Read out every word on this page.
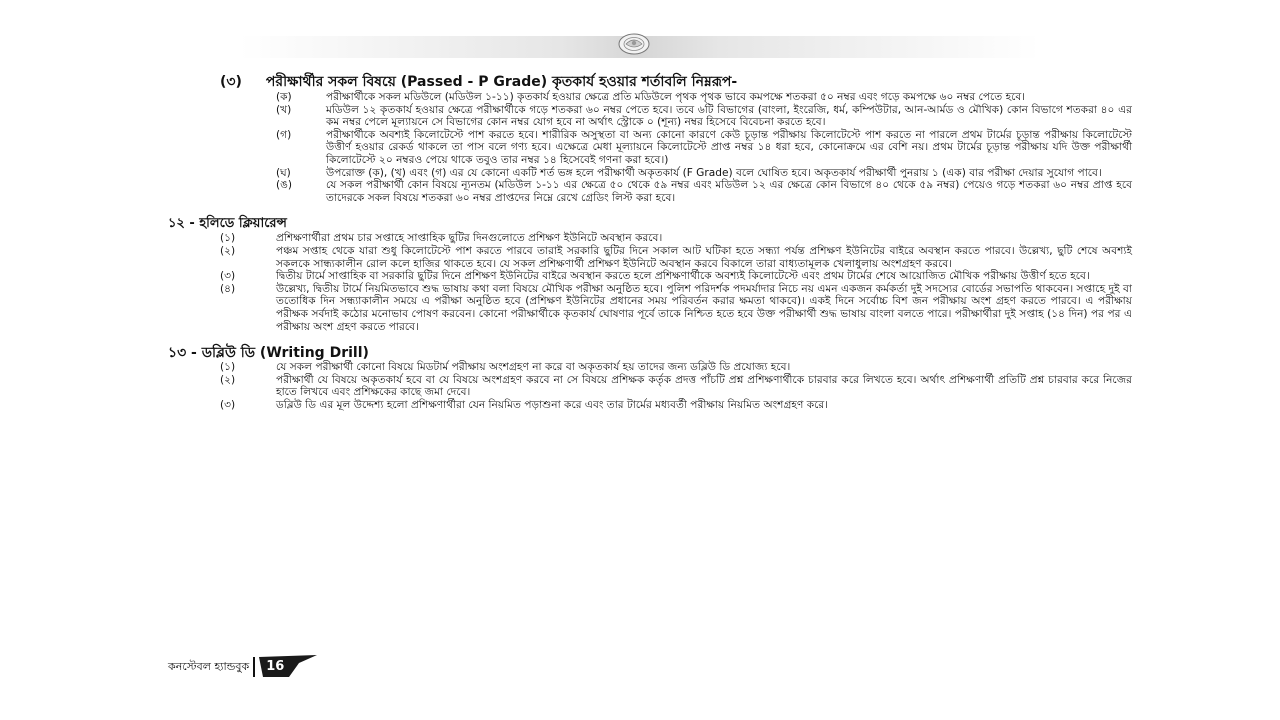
(৩) পরীক্ষার্থীর সকল বিষয়ে (Passed - P Grade) কৃতকার্য হওয়ার শর্তাবলি নিম্নরূপ-
(ক)	পরীক্ষার্থীকে সকল মডিউলে (মডিউল ১-১১) কৃতকার্য হওয়ার ক্ষেত্রে প্রতি মডিউলে পৃথক পৃথক ভাবে কমপক্ষে শতকরা ৫০ নম্বর এবং গড়ে কমপক্ষে ৬০ নম্বর পেতে হবে।
(খ)	মডিউল ১২ কৃতকার্য হওয়ার ক্ষেত্রে পরীক্ষার্থীকে গড়ে শতকরা ৬০ নম্বর পেতে হবে। তবে ৬টি বিভাগের (বাংলা, ইংরেজি, ধর্ম, কম্পিউটার, আন-আর্মড ও মৌখিক) কোন বিভাগে শতকরা ৪০ এর কম নম্বর পেলে মূল্যায়নে সে বিভাগের কোন নম্বর যোগ হবে না অর্থাৎ স্ট্রোকে ০ (শূন্য) নম্বর হিসেবে বিবেচনা করতে হবে।
(গ)	পরীক্ষার্থীকে অবশ্যই কিলোটেস্টে পাশ করতে হবে। শারীরিক অসুস্থতা বা অন্য কোনো কারণে কেউ চূড়ান্ত পরীক্ষায় কিলোটেস্টে পাশ করতে না পারলে প্রথম টার্মের চূড়ান্ত পরীক্ষায় কিলোটেস্টে উত্তীর্ণ হওয়ার রেকর্ড থাকলে তা পাস বলে গণ্য হবে। এক্ষেত্রে মেধা মূল্যায়নে কিলোটেস্টে প্রাপ্ত নম্বর ১৪ ধরা হবে, কোনোক্রমে এর বেশি নয়। প্রথম টার্মের চূড়ান্ত পরীক্ষায় যদি উক্ত পরীক্ষার্থী কিলোটেস্টে ২০ নম্বরও পেয়ে থাকে তবুও তার নম্বর ১৪ হিসেবেই গণনা করা হবে।)
(ঘ)	উপরোক্ত (ক), (খ) এবং (গ) এর যে কোনো একটি শর্ত ভঙ্গ হলে পরীক্ষার্থী অকৃতকার্য (F Grade) বলে ঘোষিত হবে। অকৃতকার্য পরীক্ষার্থী পুনরায় ১ (এক) বার পরীক্ষা দেয়ার সুযোগ পাবে।
(ঙ)	যে সকল পরীক্ষার্থী কোন বিষয়ে ন্যূনতম (মডিউল ১-১১ এর ক্ষেত্রে ৫০ থেকে ৫৯ নম্বর এবং মডিউল ১২ এর ক্ষেত্রে কোন বিভাগে ৪০ থেকে ৫৯ নম্বর) পেয়েও গড়ে শতকরা ৬০ নম্বর প্রাপ্ত হবে তাদেরকে সকল বিষয়ে শতকরা ৬০ নম্বর প্রাপ্তদের নিম্নে রেখে গ্রেডিং লিস্ট করা হবে।
১২ - হলিডে ক্লিয়ারেন্স
(১)	প্রশিক্ষণার্থীরা প্রথম চার সপ্তাহে সাপ্তাহিক ছুটির দিনগুলোতে প্রশিক্ষণ ইউনিটে অবস্থান করবে।
(২)	পঞ্চম সপ্তাহ থেকে যারা শুধু কিলোটেস্টে পাশ করতে পারবে তারাই সরকারি ছুটির দিনে সকাল আট ঘটিকা হতে সন্ধ্যা পর্যন্ত প্রশিক্ষণ ইউনিটের বাইরে অবস্থান করতে পারবে। উল্লেখ্য, ছুটি শেষে অবশ্যই সকলকে সান্ধ্যকালীন রোল কলে হাজির থাকতে হবে। যে সকল প্রশিক্ষণার্থী প্রশিক্ষণ ইউনিটে অবস্থান করবে বিকালে তারা বাধ্যতামূলক খেলাধুলায় অংশগ্রহণ করবে।
(৩)	দ্বিতীয় টার্মে সাপ্তাহিক বা সরকারি ছুটির দিনে প্রশিক্ষণ ইউনিটের বাইরে অবস্থান করতে হলে প্রশিক্ষণার্থীকে অবশ্যই কিলোটেস্টে এবং প্রথম টার্মের শেষে আয়োজিত মৌখিক পরীক্ষায় উত্তীর্ণ হতে হবে।
(৪)	উল্লেখ্য, দ্বিতীয় টার্মে নিয়মিতভাবে শুদ্ধ ভাষায় কথা বলা বিষয়ে মৌখিক পরীক্ষা অনুষ্ঠিত হবে। পুলিশ পরিদর্শক পদমর্যাদার নিচে নয় এমন একজন কর্মকর্তা দুই সদস্যের বোর্ডের সভাপতি থাকবেন। সপ্তাহে দুই বা ততোধিক দিন সন্ধ্যাকালীন সময়ে এ পরীক্ষা অনুষ্ঠিত হবে (প্রশিক্ষণ ইউনিটের প্রধানের সময় পরিবর্তন করার ক্ষমতা থাকবে)। একই দিনে সর্বোচ্চ বিশ জন পরীক্ষায় অংশ গ্রহণ করতে পারবে। এ পরীক্ষায় পরীক্ষক সর্বদাই কঠোর মনোভাব পোষণ করবেন। কোনো পরীক্ষার্থীকে কৃতকার্য ঘোষণার পূর্বে তাকে নিশ্চিত হতে হবে উক্ত পরীক্ষার্থী শুদ্ধ ভাষায় বাংলা বলতে পারে। পরীক্ষার্থীরা দুই সপ্তাহ (১৪ দিন) পর পর এ পরীক্ষায় অংশ গ্রহণ করতে পারবে।
১৩ - ডব্লিউ ডি (Writing Drill)
(১)	যে সকল পরীক্ষার্থী কোনো বিষয়ে মিডটার্ম পরীক্ষায় অংশগ্রহণ না করে বা অকৃতকার্য হয় তাদের জন্য ডব্লিউ ডি প্রযোজ্য হবে।
(২)	পরীক্ষার্থী যে বিষয়ে অকৃতকার্য হবে বা যে বিষয়ে অংশগ্রহণ করবে না সে বিষয়ে প্রশিক্ষক কর্তৃক প্রদত্ত পাঁচটি প্রশ্ন প্রশিক্ষণার্থীকে চারবার করে লিখতে হবে। অর্থাৎ প্রশিক্ষণার্থী প্রতিটি প্রশ্ন চারবার করে নিজের হাতে লিখবে এবং প্রশিক্ষকের কাছে জমা দেবে।
(৩)	ডব্লিউ ডি এর মূল উদ্দেশ্য হলো প্রশিক্ষণার্থীরা যেন নিয়মিত পড়াশুনা করে এবং তার টার্মের মধ্যবর্তী পরীক্ষায় নিয়মিত অংশগ্রহণ করে।
কনস্টেবল হ্যান্ডবুক 16
